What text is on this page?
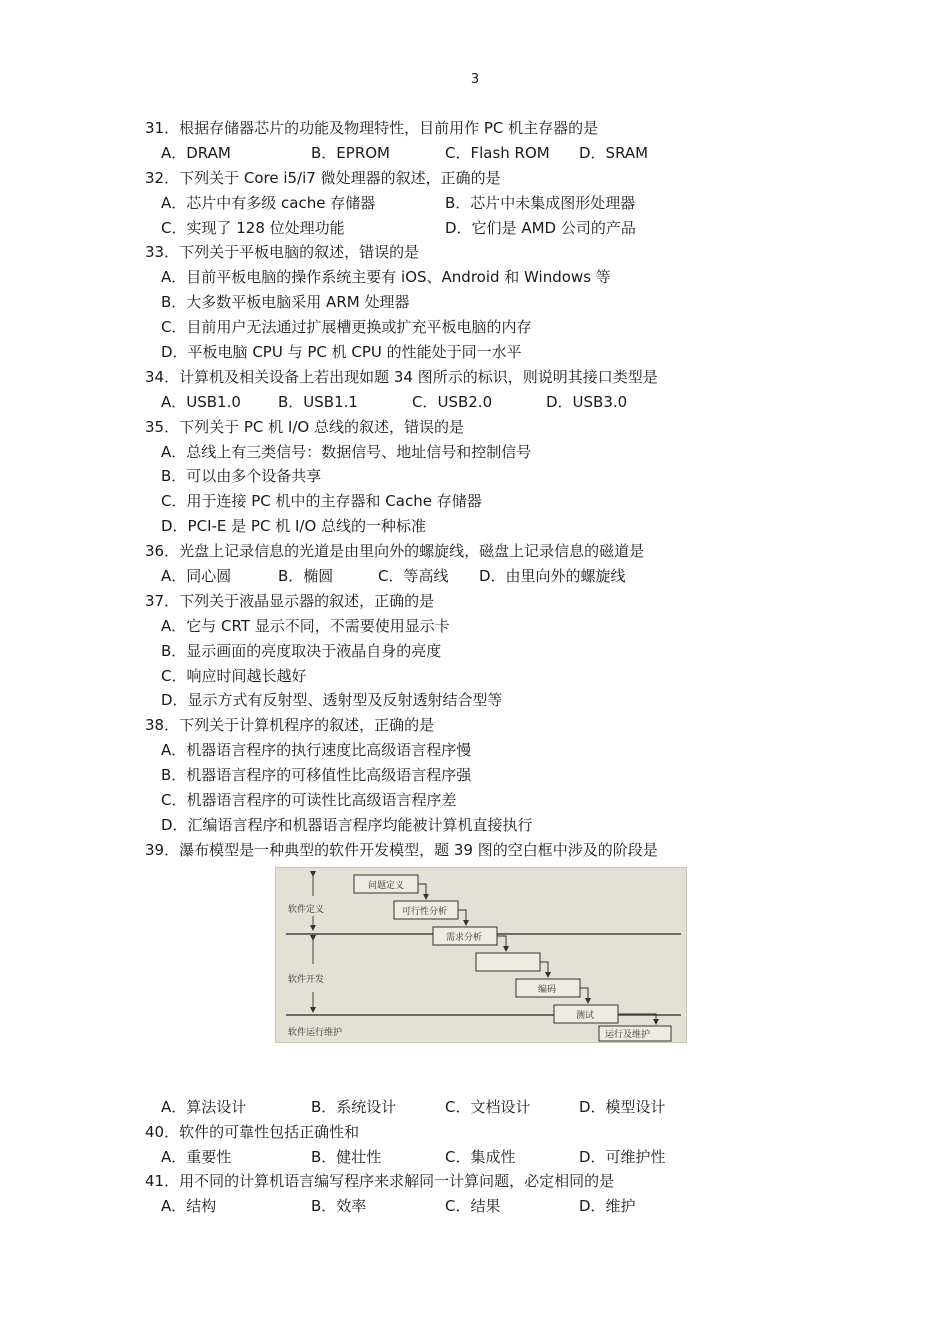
3
31．根据存储器芯片的功能及物理特性，目前用作 PC 机主存器的是
A．DRAM	B．EPROM	C．Flash ROM D．SRAM
32．下列关于 Core i5/i7 微处理器的叙述，正确的是
A．芯片中有多级 cache 存储器	B．芯片中未集成图形处理器
C．实现了 128 位处理功能	D．它们是 AMD 公司的产品
33．下列关于平板电脑的叙述，错误的是
A．目前平板电脑的操作系统主要有 iOS、Android 和 Windows 等
B．大多数平板电脑采用 ARM 处理器
C．目前用户无法通过扩展槽更换或扩充平板电脑的内存
D．平板电脑 CPU 与 PC 机 CPU 的性能处于同一水平
34．计算机及相关设备上若出现如题 34 图所示的标识，则说明其接口类型是
A．USB1.0 B．USB1.1	C．USB2.0	D．USB3.0
35．下列关于 PC 机 I/O 总线的叙述，错误的是
A．总线上有三类信号：数据信号、地址信号和控制信号
B．可以由多个设备共享
C．用于连接 PC 机中的主存器和 Cache 存储器
D．PCI-E 是 PC 机 I/O 总线的一种标准
36．光盘上记录信息的光道是由里向外的螺旋线，磁盘上记录信息的磁道是
A．同心圆	B．椭圆	C．等高线 D．由里向外的螺旋线
37．下列关于液晶显示器的叙述，正确的是
A．它与 CRT 显示不同，不需要使用显示卡
B．显示画面的亮度取决于液晶自身的亮度
C．响应时间越长越好
D．显示方式有反射型、透射型及反射透射结合型等
38．下列关于计算机程序的叙述，正确的是
A．机器语言程序的执行速度比高级语言程序慢
B．机器语言程序的可移值性比高级语言程序强
C．机器语言程序的可读性比高级语言程序差
D．汇编语言程序和机器语言程序均能被计算机直接执行
39．瀑布模型是一种典型的软件开发模型，题 39 图的空白框中涉及的阶段是
软件定义
软件开发
软件运行维护
问题定义
可行性分析
需求分析
编码
测试
运行及维护
A．算法设计	B．系统设计	C．文档设计	D．模型设计
40．软件的可靠性包括正确性和
A．重要性	B．健壮性	C．集成性	D．可维护性
41．用不同的计算机语言编写程序来求解同一计算问题，必定相同的是
A．结构	B．效率	C．结果	D．维护
